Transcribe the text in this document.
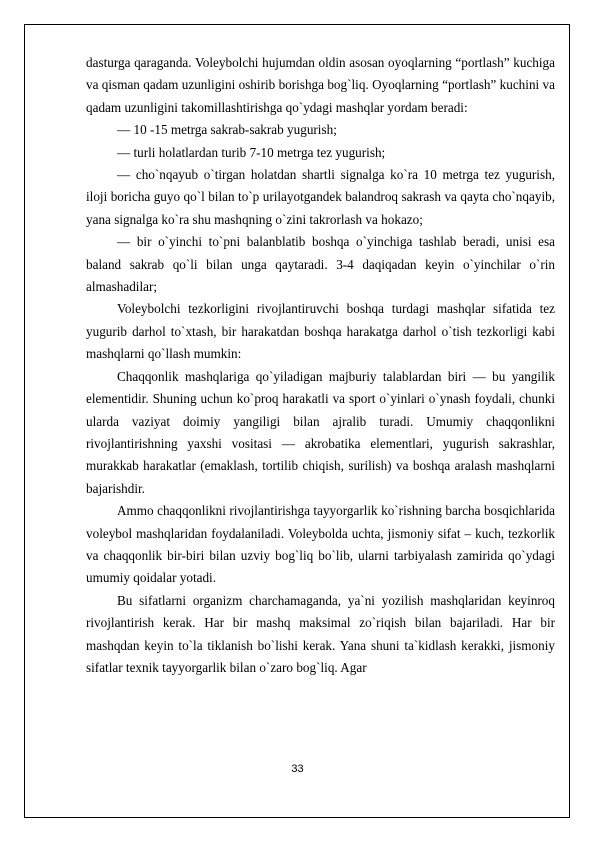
dasturga qaraganda. Voleybolchi hujumdan oldin asosan oyoqlarning “portlash” kuchiga va qisman qadam uzunligini oshirib borishga bog`liq. Oyoqlarning “portlash” kuchini va qadam uzunligini takomillashtirishga qo`ydagi mashqlar yordam beradi:

— 10 -15 metrga sakrab-sakrab yugurish;

— turli holatlardan turib 7-10 metrga tez yugurish;

— cho`nqayub o`tirgan holatdan shartli signalga ko`ra 10 metrga tez yugurish, iloji boricha guyo qo`l bilan to`p urilayotgandek balandroq sakrash va qayta cho`nqayib, yana signalga ko`ra shu mashqning o`zini takrorlash va hokazo;

— bir o`yinchi to`pni balanblatib boshqa o`yinchiga tashlab beradi, unisi esa baland sakrab qo`li bilan unga qaytaradi. 3-4 daqiqadan keyin o`yinchilar o`rin almashadilar;

Voleybolchi tezkorligini rivojlantiruvchi boshqa turdagi mashqlar sifatida tez yugurib darhol to`xtash, bir harakatdan boshqa harakatga darhol o`tish tezkorligi kabi mashqlarni qo`llash mumkin:

Chaqqonlik mashqlariga qo`yiladigan majburiy talablardan biri — bu yangilik elementidir. Shuning uchun ko`proq harakatli va sport o`yinlari o`ynash foydali, chunki ularda vaziyat doimiy yangiligi bilan ajralib turadi. Umumiy chaqqonlikni rivojlantirishning yaxshi vositasi — akrobatika elementlari, yugurish sakrashlar, murakkab harakatlar (emaklash, tortilib chiqish, surilish) va boshqa aralash mashqlarni bajarishdir.

Ammo chaqqonlikni rivojlantirishga tayyorgarlik ko`rishning barcha bosqichlarida voleybol mashqlaridan foydalaniladi. Voleybolda uchta, jismoniy sifat – kuch, tezkorlik va chaqqonlik bir-biri bilan uzviy bog`liq bo`lib, ularni tarbiyalash zamirida qo`ydagi umumiy qoidalar yotadi.

Bu sifatlarni organizm charchamaganda, ya`ni yozilish mashqlaridan keyinroq rivojlantirish kerak. Har bir mashq maksimal zo`riqish bilan bajariladi. Har bir mashqdan keyin to`la tiklanish bo`lishi kerak. Yana shuni ta`kidlash kerakki, jismoniy sifatlar texnik tayyorgarlik bilan o`zaro bog`liq. Agar

33
